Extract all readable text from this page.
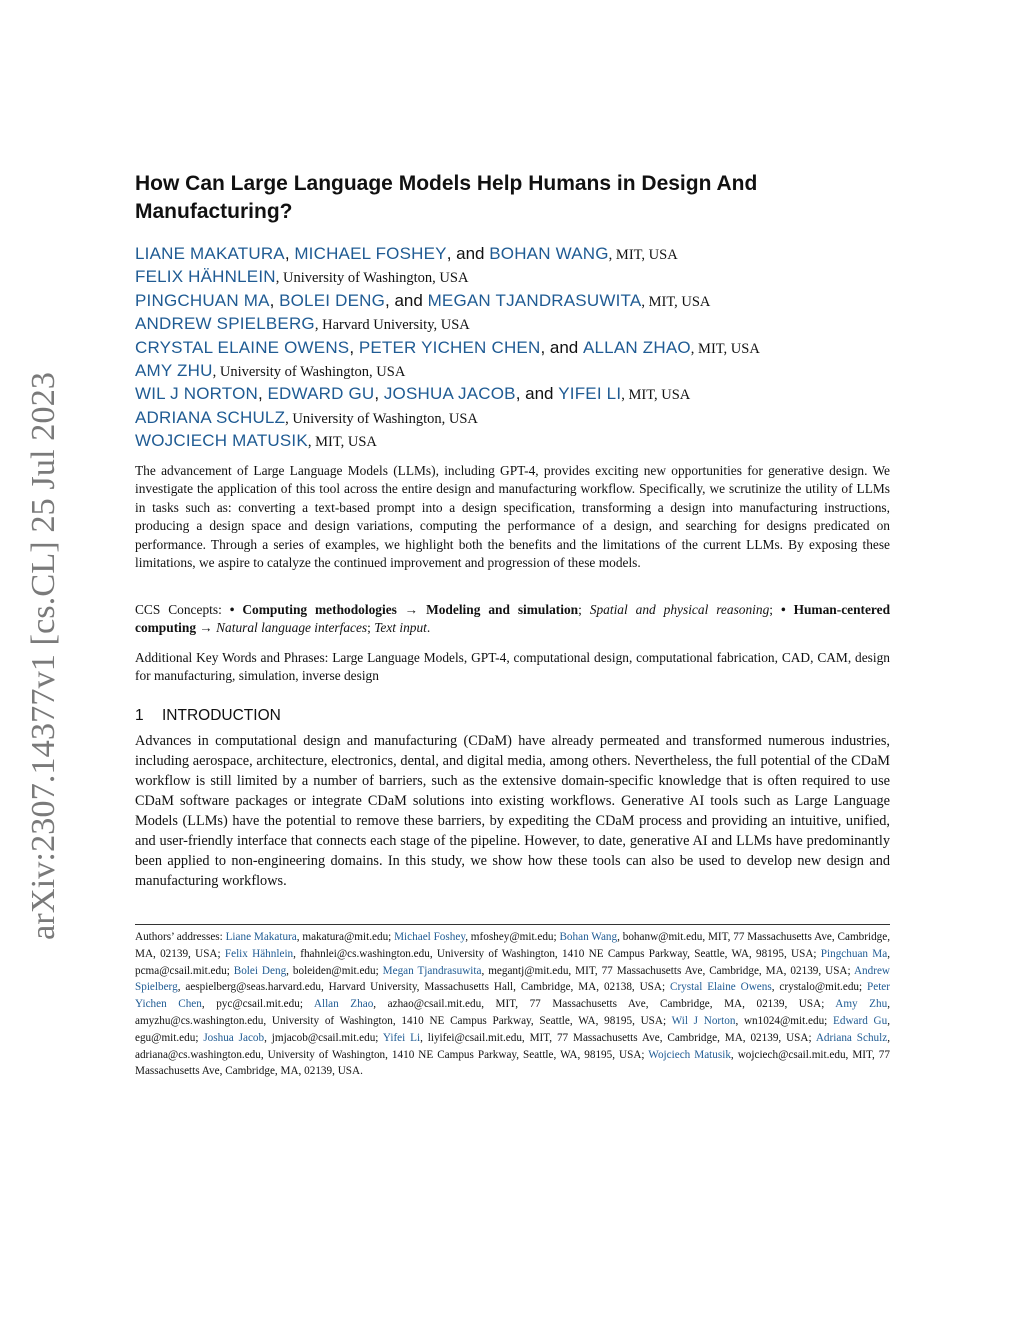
arXiv:2307.14377v1 [cs.CL] 25 Jul 2023
How Can Large Language Models Help Humans in Design And Manufacturing?
LIANE MAKATURA, MICHAEL FOSHEY, and BOHAN WANG, MIT, USA
FELIX HÄHNLEIN, University of Washington, USA
PINGCHUAN MA, BOLEI DENG, and MEGAN TJANDRASUWITA, MIT, USA
ANDREW SPIELBERG, Harvard University, USA
CRYSTAL ELAINE OWENS, PETER YICHEN CHEN, and ALLAN ZHAO, MIT, USA
AMY ZHU, University of Washington, USA
WIL J NORTON, EDWARD GU, JOSHUA JACOB, and YIFEI LI, MIT, USA
ADRIANA SCHULZ, University of Washington, USA
WOJCIECH MATUSIK, MIT, USA

The advancement of Large Language Models (LLMs), including GPT-4, provides exciting new opportunities for generative design. We investigate the application of this tool across the entire design and manufacturing workflow. Specifically, we scrutinize the utility of LLMs in tasks such as: converting a text-based prompt into a design specification, transforming a design into manufacturing instructions, producing a design space and design variations, computing the performance of a design, and searching for designs predicated on performance. Through a series of examples, we highlight both the benefits and the limitations of the current LLMs. By exposing these limitations, we aspire to catalyze the continued improvement and progression of these models.

CCS Concepts: • Computing methodologies → Modeling and simulation; Spatial and physical reasoning; • Human-centered computing → Natural language interfaces; Text input.

Additional Key Words and Phrases: Large Language Models, GPT-4, computational design, computational fabrication, CAD, CAM, design for manufacturing, simulation, inverse design

1 INTRODUCTION

Advances in computational design and manufacturing (CDaM) have already permeated and transformed numerous industries, including aerospace, architecture, electronics, dental, and digital media, among others. Nevertheless, the full potential of the CDaM workflow is still limited by a number of barriers, such as the extensive domain-specific knowledge that is often required to use CDaM software packages or integrate CDaM solutions into existing workflows. Generative AI tools such as Large Language Models (LLMs) have the potential to remove these barriers, by expediting the CDaM process and providing an intuitive, unified, and user-friendly interface that connects each stage of the pipeline. However, to date, generative AI and LLMs have predominantly been applied to non-engineering domains. In this study, we show how these tools can also be used to develop new design and manufacturing workflows.

Authors’ addresses: Liane Makatura, makatura@mit.edu; Michael Foshey, mfoshey@mit.edu; Bohan Wang, bohanw@mit.edu, MIT, 77 Massachusetts Ave, Cambridge, MA, 02139, USA; Felix Hähnlein, fhahnlei@cs.washington.edu, University of Washington, 1410 NE Campus Parkway, Seattle, WA, 98195, USA; Pingchuan Ma, pcma@csail.mit.edu; Bolei Deng, boleiden@mit.edu; Megan Tjandrasuwita, megantj@mit.edu, MIT, 77 Massachusetts Ave, Cambridge, MA, 02139, USA; Andrew Spielberg, aespielberg@seas.harvard.edu, Harvard University, Massachusetts Hall, Cambridge, MA, 02138, USA; Crystal Elaine Owens, crystalo@mit.edu; Peter Yichen Chen, pyc@csail.mit.edu; Allan Zhao, azhao@csail.mit.edu, MIT, 77 Massachusetts Ave, Cambridge, MA, 02139, USA; Amy Zhu, amyzhu@cs.washington.edu, University of Washington, 1410 NE Campus Parkway, Seattle, WA, 98195, USA; Wil J Norton, wn1024@mit.edu; Edward Gu, egu@mit.edu; Joshua Jacob, jmjacob@csail.mit.edu; Yifei Li, liyifei@csail.mit.edu, MIT, 77 Massachusetts Ave, Cambridge, MA, 02139, USA; Adriana Schulz, adriana@cs.washington.edu, University of Washington, 1410 NE Campus Parkway, Seattle, WA, 98195, USA; Wojciech Matusik, wojciech@csail.mit.edu, MIT, 77 Massachusetts Ave, Cambridge, MA, 02139, USA.
